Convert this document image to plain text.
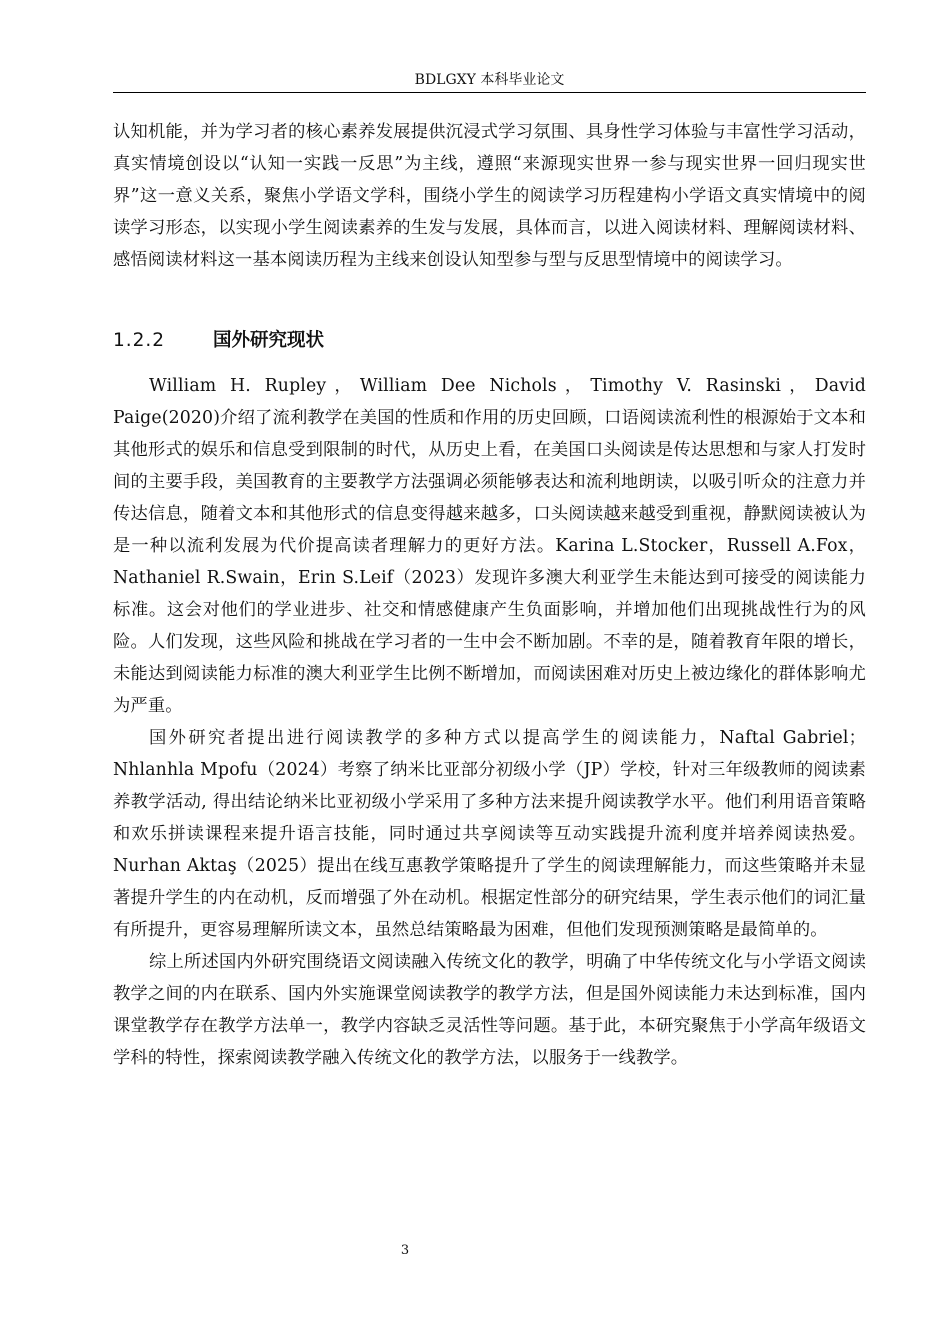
BDLGXY 本科毕业论文

认知机能，并为学习者的核心素养发展提供沉浸式学习氛围、具身性学习体验与丰富性学习活动，真实情境创设以“认知一实践一反思”为主线，遵照“来源现实世界一参与现实世界一回归现实世界”这一意义关系，聚焦小学语文学科，围绕小学生的阅读学习历程建构小学语文真实情境中的阅读学习形态，以实现小学生阅读素养的生发与发展，具体而言，以进入阅读材料、理解阅读材料、感悟阅读材料这一基本阅读历程为主线来创设认知型参与型与反思型情境中的阅读学习。

1.2.2	国外研究现状

William H. Rupley，William Dee Nichols，Timothy V. Rasinski，David Paige(2020)介绍了流利教学在美国的性质和作用的历史回顾，口语阅读流利性的根源始于文本和其他形式的娱乐和信息受到限制的时代，从历史上看，在美国口头阅读是传达思想和与家人打发时间的主要手段，美国教育的主要教学方法强调必须能够表达和流利地朗读，以吸引听众的注意力并传达信息，随着文本和其他形式的信息变得越来越多，口头阅读越来越受到重视，静默阅读被认为是一种以流利发展为代价提高读者理解力的更好方法。Karina L.Stocker，Russell A.Fox，Nathaniel R.Swain，Erin S.Leif（2023）发现许多澳大利亚学生未能达到可接受的阅读能力标准。这会对他们的学业进步、社交和情感健康产生负面影响，并增加他们出现挑战性行为的风险。人们发现，这些风险和挑战在学习者的一生中会不断加剧。不幸的是，随着教育年限的增长，未能达到阅读能力标准的澳大利亚学生比例不断增加，而阅读困难对历史上被边缘化的群体影响尤为严重。

国外研究者提出进行阅读教学的多种方式以提高学生的阅读能力，Naftal Gabriel；Nhlanhla Mpofu（2024）考察了纳米比亚部分初级小学（JP）学校，针对三年级教师的阅读素养教学活动, 得出结论纳米比亚初级小学采用了多种方法来提升阅读教学水平。他们利用语音策略和欢乐拼读课程来提升语言技能，同时通过共享阅读等互动实践提升流利度并培养阅读热爱。Nurhan Aktaş（2025）提出在线互惠教学策略提升了学生的阅读理解能力，而这些策略并未显著提升学生的内在动机，反而增强了外在动机。根据定性部分的研究结果，学生表示他们的词汇量有所提升，更容易理解所读文本，虽然总结策略最为困难，但他们发现预测策略是最简单的。

综上所述国内外研究围绕语文阅读融入传统文化的教学，明确了中华传统文化与小学语文阅读教学之间的内在联系、国内外实施课堂阅读教学的教学方法，但是国外阅读能力未达到标准，国内课堂教学存在教学方法单一，教学内容缺乏灵活性等问题。基于此，本研究聚焦于小学高年级语文学科的特性，探索阅读教学融入传统文化的教学方法，以服务于一线教学。

3
